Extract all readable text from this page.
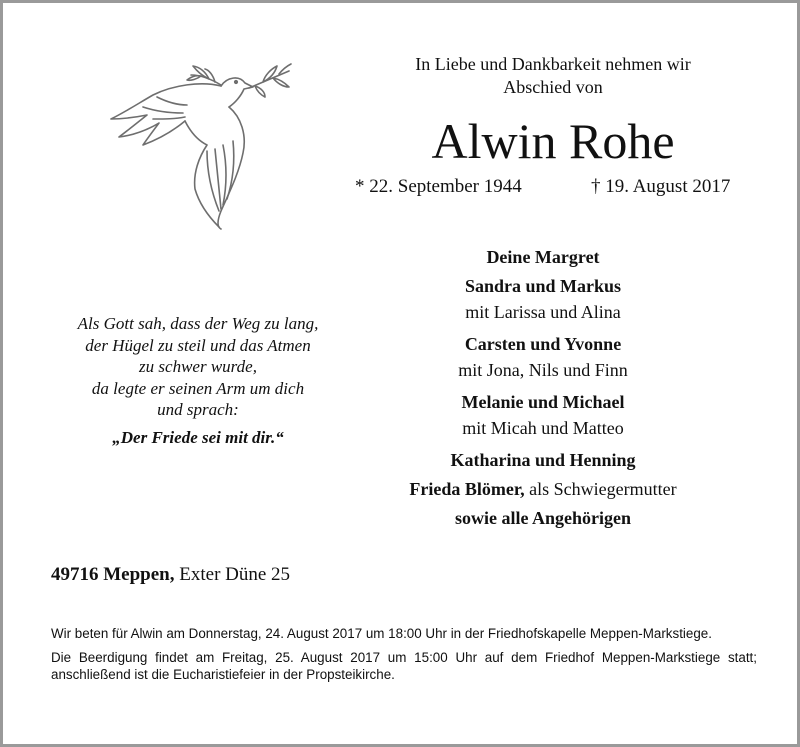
In Liebe und Dankbarkeit nehmen wir
Abschied von
Alwin Rohe
* 22. September 1944	† 19. August 2017
Als Gott sah, dass der Weg zu lang,
der Hügel zu steil und das Atmen
zu schwer wurde,
da legte er seinen Arm um dich
und sprach:
„Der Friede sei mit dir.“
Deine Margret
Sandra und Markus
mit Larissa und Alina
Carsten und Yvonne
mit Jona, Nils und Finn
Melanie und Michael
mit Micah und Matteo
Katharina und Henning
Frieda Blömer, als Schwiegermutter
sowie alle Angehörigen
49716 Meppen, Exter Düne 25

Wir beten für Alwin am Donnerstag, 24. August 2017 um 18:00 Uhr in der Friedhofskapelle Meppen-Markstiege.

Die Beerdigung findet am Freitag, 25. August 2017 um 15:00 Uhr auf dem Friedhof Meppen-Markstiege statt; anschließend ist die Eucharistiefeier in der Propsteikirche.
